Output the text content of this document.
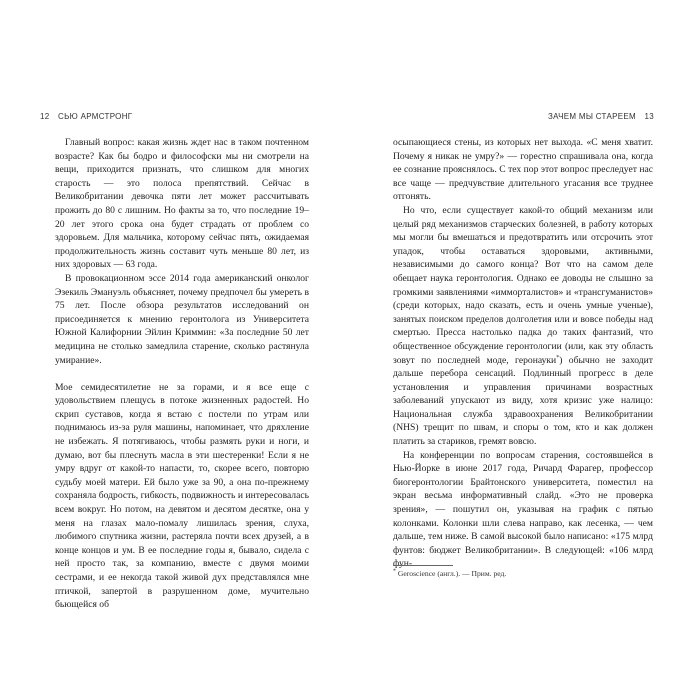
12 СЬЮ АРМСТРОНГ

Главный вопрос: какая жизнь ждет нас в таком почтенном возрасте? Как бы бодро и философски мы ни смотрели на вещи, приходится признать, что слишком для многих старость — это полоса препятствий. Сейчас в Великобритании девочка пяти лет может рассчитывать прожить до 80 с лишним. Но факты за то, что последние 19–20 лет этого срока она будет страдать от проблем со здоровьем. Для мальчика, которому сейчас пять, ожидаемая продолжительность жизнь составит чуть меньше 80 лет, из них здоровых — 63 года.

В провокационном эссе 2014 года американский онколог Эзекиль Эмануэль объясняет, почему предпочел бы умереть в 75 лет. После обзора результатов исследований он присоединяется к мнению геронтолога из Университета Южной Калифорнии Эйлин Криммин: «За последние 50 лет медицина не столько замедлила старение, сколько растянула умирание».

Мое семидесятилетие не за горами, и я все еще с удовольствием плещусь в потоке жизненных радостей. Но скрип суставов, когда я встаю с постели по утрам или поднимаюсь из-за руля машины, напоминает, что дряхление не избежать. Я потягиваюсь, чтобы размять руки и ноги, и думаю, вот бы плеснуть масла в эти шестеренки! Если я не умру вдруг от какой-то напасти, то, скорее всего, повторю судьбу моей матери. Ей было уже за 90, а она по-прежнему сохраняла бодрость, гибкость, подвижность и интересовалась всем вокруг. Но потом, на девятом и десятом десятке, она у меня на глазах мало-помалу лишилась зрения, слуха, любимого спутника жизни, растеряла почти всех друзей, а в конце концов и ум. В ее последние годы я, бывало, сидела с ней просто так, за компанию, вместе с двумя моими сестрами, и ее некогда такой живой дух представлялся мне птичкой, запертой в разрушенном доме, мучительно бьющейся об

ЗАЧЕМ МЫ СТАРЕЕМ 13

осыпающиеся стены, из которых нет выхода. «С меня хватит. Почему я никак не умру?» — горестно спрашивала она, когда ее сознание прояснялось. С тех пор этот вопрос преследует нас все чаще — предчувствие длительного угасания все труднее отгонять.

Но что, если существует какой-то общий механизм или целый ряд механизмов старческих болезней, в работу которых мы могли бы вмешаться и предотвратить или отсрочить этот упадок, чтобы оставаться здоровыми, активными, независимыми до самого конца? Вот что на самом деле обещает наука геронтология. Однако ее доводы не слышно за громкими заявлениями «имморталистов» и «трансгуманистов» (среди которых, надо сказать, есть и очень умные ученые), занятых поиском пределов долголетия или и вовсе победы над смертью. Пресса настолько падка до таких фантазий, что общественное обсуждение геронтологии (или, как эту область зовут по последней моде, геронауки*) обычно не заходит дальше перебора сенсаций. Подлинный прогресс в деле установления и управления причинами возрастных заболеваний упускают из виду, хотя кризис уже налицо: Национальная служба здравоохранения Великобритании (NHS) трещит по швам, и споры о том, кто и как должен платить за стариков, гремят вовсю.

На конференции по вопросам старения, состоявшейся в Нью-Йорке в июне 2017 года, Ричард Фарагер, профессор биогеронтологии Брайтонского университета, поместил на экран весьма информативный слайд. «Это не проверка зрения», — пошутил он, указывая на график с пятью колонками. Колонки шли слева направо, как лесенка, — чем дальше, тем ниже. В самой высокой было написано: «175 млрд фунтов: бюджет Великобритании». В следующей: «106 млрд фун-

* Geroscience (англ.). — Прим. ред.
